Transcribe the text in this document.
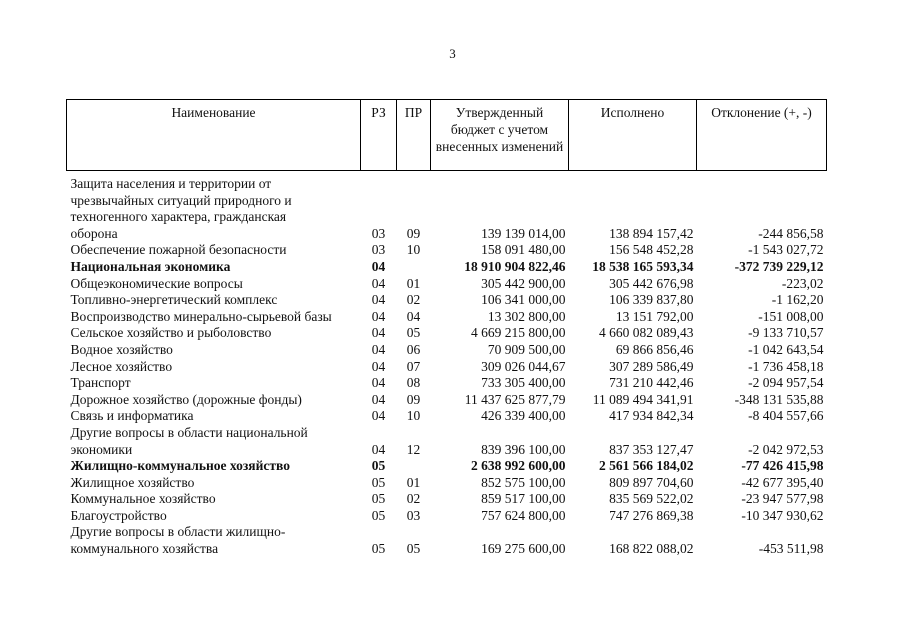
3
Наименование	РЗ	ПР	Утвержденный бюджет с учетом внесенных изменений	Исполнено	Отклонение (+, -)
Защита населения и территории от чрезвычайных ситуаций природного и техногенного характера, гражданская оборона	03	09	139 139 014,00	138 894 157,42	-244 856,58
Обеспечение пожарной безопасности	03	10	158 091 480,00	156 548 452,28	-1 543 027,72
Национальная экономика	04		18 910 904 822,46	18 538 165 593,34	-372 739 229,12
Общеэкономические вопросы	04	01	305 442 900,00	305 442 676,98	-223,02
Топливно-энергетический комплекс	04	02	106 341 000,00	106 339 837,80	-1 162,20
Воспроизводство минерально-сырьевой базы	04	04	13 302 800,00	13 151 792,00	-151 008,00
Сельское хозяйство и рыболовство	04	05	4 669 215 800,00	4 660 082 089,43	-9 133 710,57
Водное хозяйство	04	06	70 909 500,00	69 866 856,46	-1 042 643,54
Лесное хозяйство	04	07	309 026 044,67	307 289 586,49	-1 736 458,18
Транспорт	04	08	733 305 400,00	731 210 442,46	-2 094 957,54
Дорожное хозяйство (дорожные фонды)	04	09	11 437 625 877,79	11 089 494 341,91	-348 131 535,88
Связь и информатика	04	10	426 339 400,00	417 934 842,34	-8 404 557,66
Другие вопросы в области национальной экономики	04	12	839 396 100,00	837 353 127,47	-2 042 972,53
Жилищно-коммунальное хозяйство	05		2 638 992 600,00	2 561 566 184,02	-77 426 415,98
Жилищное хозяйство	05	01	852 575 100,00	809 897 704,60	-42 677 395,40
Коммунальное хозяйство	05	02	859 517 100,00	835 569 522,02	-23 947 577,98
Благоустройство	05	03	757 624 800,00	747 276 869,38	-10 347 930,62
Другие вопросы в области жилищно-коммунального хозяйства	05	05	169 275 600,00	168 822 088,02	-453 511,98
